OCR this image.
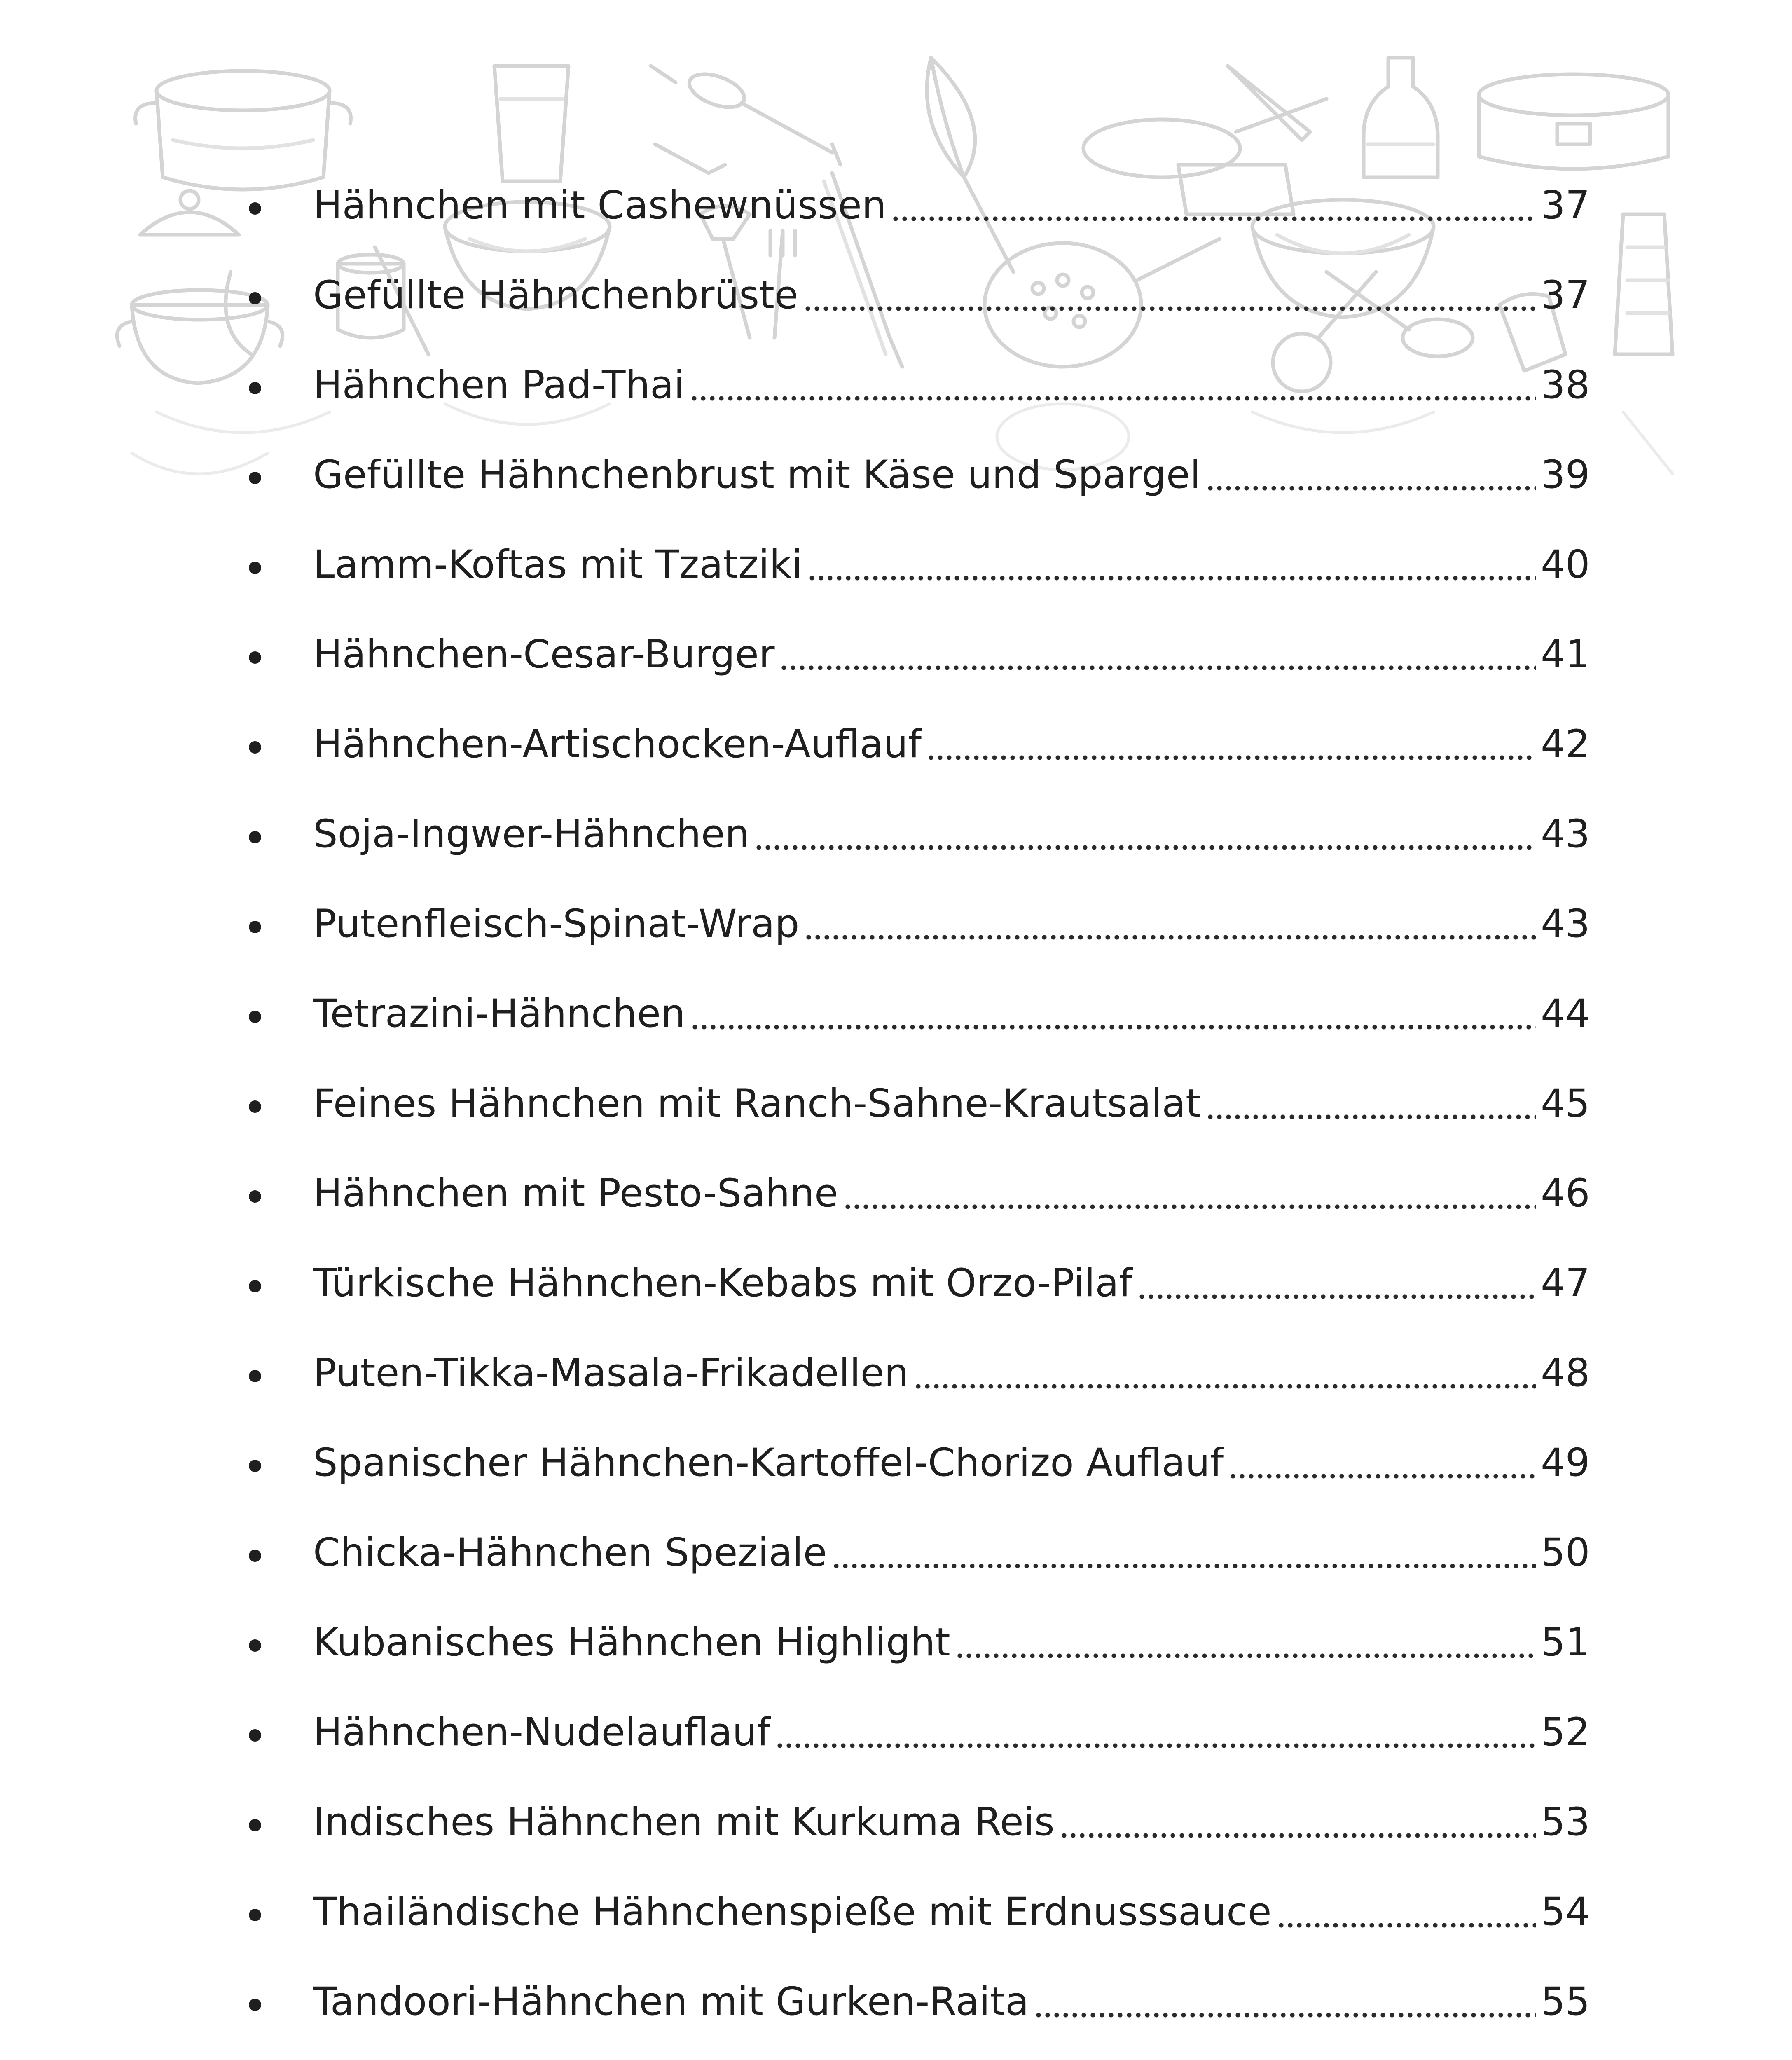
Hähnchen mit Cashewnüssen	37
Gefüllte Hähnchenbrüste	37
Hähnchen Pad-Thai	38
Gefüllte Hähnchenbrust mit Käse und Spargel	39
Lamm-Koftas mit Tzatziki	40
Hähnchen-Cesar-Burger	41
Hähnchen-Artischocken-Auflauf	42
Soja-Ingwer-Hähnchen	43
Putenfleisch-Spinat-Wrap	43
Tetrazini-Hähnchen	44
Feines Hähnchen mit Ranch-Sahne-Krautsalat	45
Hähnchen mit Pesto-Sahne	46
Türkische Hähnchen-Kebabs mit Orzo-Pilaf	47
Puten-Tikka-Masala-Frikadellen	48
Spanischer Hähnchen-Kartoffel-Chorizo Auflauf	49
Chicka-Hähnchen Speziale	50
Kubanisches Hähnchen Highlight	51
Hähnchen-Nudelauflauf	52
Indisches Hähnchen mit Kurkuma Reis	53
Thailändische Hähnchenspieße mit Erdnusssauce	54
Tandoori-Hähnchen mit Gurken-Raita	55
